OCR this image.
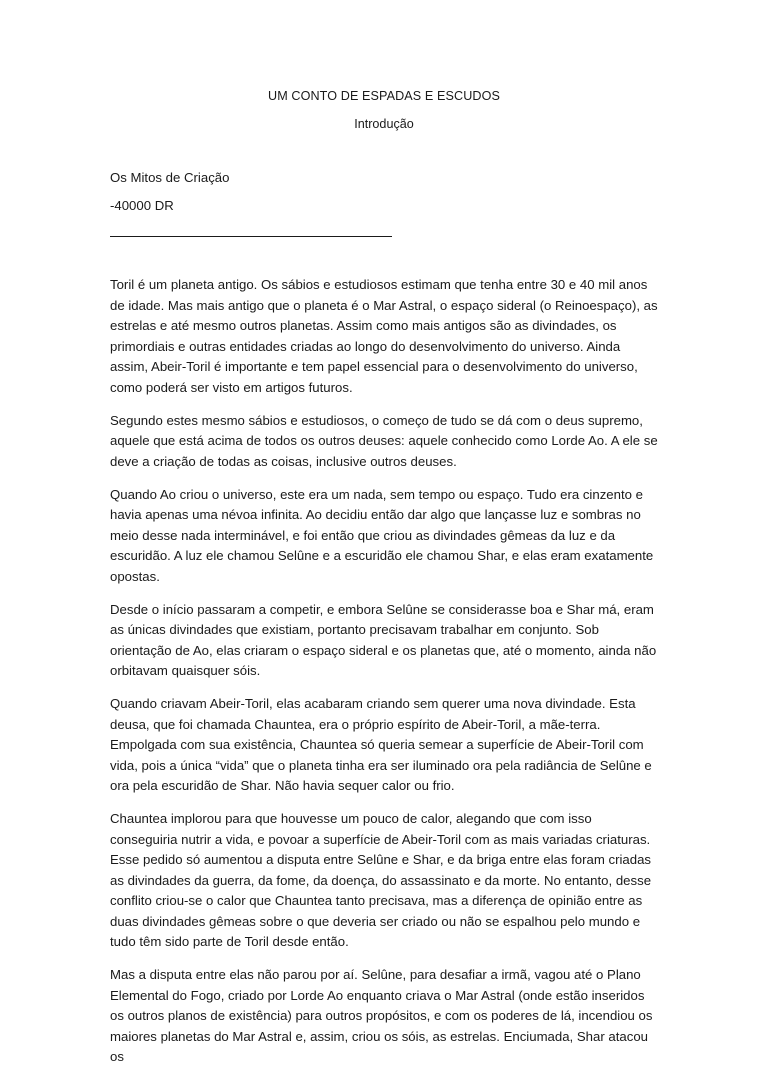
UM CONTO DE ESPADAS E ESCUDOS
Introdução
Os Mitos de Criação
-40000 DR

Toril é um planeta antigo. Os sábios e estudiosos estimam que tenha entre 30 e 40 mil anos de idade. Mas mais antigo que o planeta é o Mar Astral, o espaço sideral (o Reinoespaço), as estrelas e até mesmo outros planetas. Assim como mais antigos são as divindades, os primordiais e outras entidades criadas ao longo do desenvolvimento do universo. Ainda assim, Abeir-Toril é importante e tem papel essencial para o desenvolvimento do universo, como poderá ser visto em artigos futuros.

Segundo estes mesmo sábios e estudiosos, o começo de tudo se dá com o deus supremo, aquele que está acima de todos os outros deuses: aquele conhecido como Lorde Ao. A ele se deve a criação de todas as coisas, inclusive outros deuses.

Quando Ao criou o universo, este era um nada, sem tempo ou espaço. Tudo era cinzento e havia apenas uma névoa infinita. Ao decidiu então dar algo que lançasse luz e sombras no meio desse nada interminável, e foi então que criou as divindades gêmeas da luz e da escuridão. A luz ele chamou Selûne e a escuridão ele chamou Shar, e elas eram exatamente opostas.

Desde o início passaram a competir, e embora Selûne se considerasse boa e Shar má, eram as únicas divindades que existiam, portanto precisavam trabalhar em conjunto. Sob orientação de Ao, elas criaram o espaço sideral e os planetas que, até o momento, ainda não orbitavam quaisquer sóis.

Quando criavam Abeir-Toril, elas acabaram criando sem querer uma nova divindade. Esta deusa, que foi chamada Chauntea, era o próprio espírito de Abeir-Toril, a mãe-terra. Empolgada com sua existência, Chauntea só queria semear a superfície de Abeir-Toril com vida, pois a única “vida” que o planeta tinha era ser iluminado ora pela radiância de Selûne e ora pela escuridão de Shar. Não havia sequer calor ou frio.

Chauntea implorou para que houvesse um pouco de calor, alegando que com isso conseguiria nutrir a vida, e povoar a superfície de Abeir-Toril com as mais variadas criaturas. Esse pedido só aumentou a disputa entre Selûne e Shar, e da briga entre elas foram criadas as divindades da guerra, da fome, da doença, do assassinato e da morte. No entanto, desse conflito criou-se o calor que Chauntea tanto precisava, mas a diferença de opinião entre as duas divindades gêmeas sobre o que deveria ser criado ou não se espalhou pelo mundo e tudo têm sido parte de Toril desde então.

Mas a disputa entre elas não parou por aí. Selûne, para desafiar a irmã, vagou até o Plano Elemental do Fogo, criado por Lorde Ao enquanto criava o Mar Astral (onde estão inseridos os outros planos de existência) para outros propósitos, e com os poderes de lá, incendiou os maiores planetas do Mar Astral e, assim, criou os sóis, as estrelas. Enciumada, Shar atacou os
